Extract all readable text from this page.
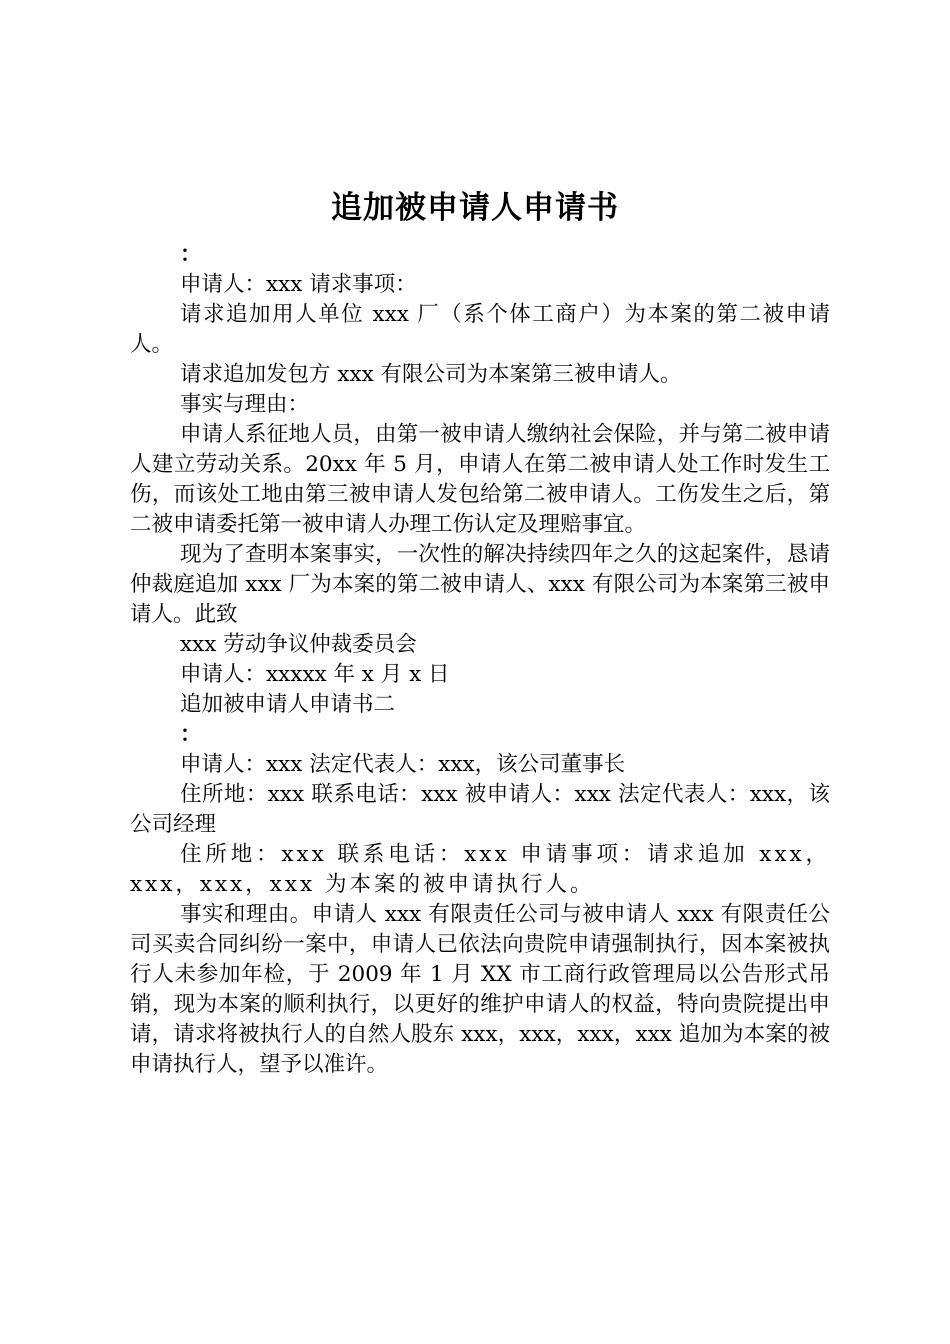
追加被申请人申请书

：

申请人：xxx 请求事项：

请求追加用人单位 xxx 厂（系个体工商户）为本案的第二被申请人。

请求追加发包方 xxx 有限公司为本案第三被申请人。

事实与理由：

申请人系征地人员，由第一被申请人缴纳社会保险，并与第二被申请人建立劳动关系。20xx 年 5 月，申请人在第二被申请人处工作时发生工伤，而该处工地由第三被申请人发包给第二被申请人。工伤发生之后，第二被申请委托第一被申请人办理工伤认定及理赔事宜。

现为了查明本案事实，一次性的解决持续四年之久的这起案件，恳请仲裁庭追加 xxx 厂为本案的第二被申请人、xxx 有限公司为本案第三被申请人。此致

xxx 劳动争议仲裁委员会

申请人：xxxxx 年 x 月 x 日

追加被申请人申请书二

：

申请人：xxx 法定代表人：xxx，该公司董事长

住所地：xxx 联系电话：xxx 被申请人：xxx 法定代表人：xxx，该公司经理

住所地：xxx 联系电话：xxx 申请事项：请求追加 xxx，xxx，xxx，xxx 为本案的被申请执行人。

事实和理由。申请人 xxx 有限责任公司与被申请人 xxx 有限责任公司买卖合同纠纷一案中，申请人已依法向贵院申请强制执行，因本案被执行人未参加年检，于 2009 年 1 月 XX 市工商行政管理局以公告形式吊销，现为本案的顺利执行，以更好的维护申请人的权益，特向贵院提出申请，请求将被执行人的自然人股东 xxx，xxx，xxx，xxx 追加为本案的被申请执行人，望予以准许。
